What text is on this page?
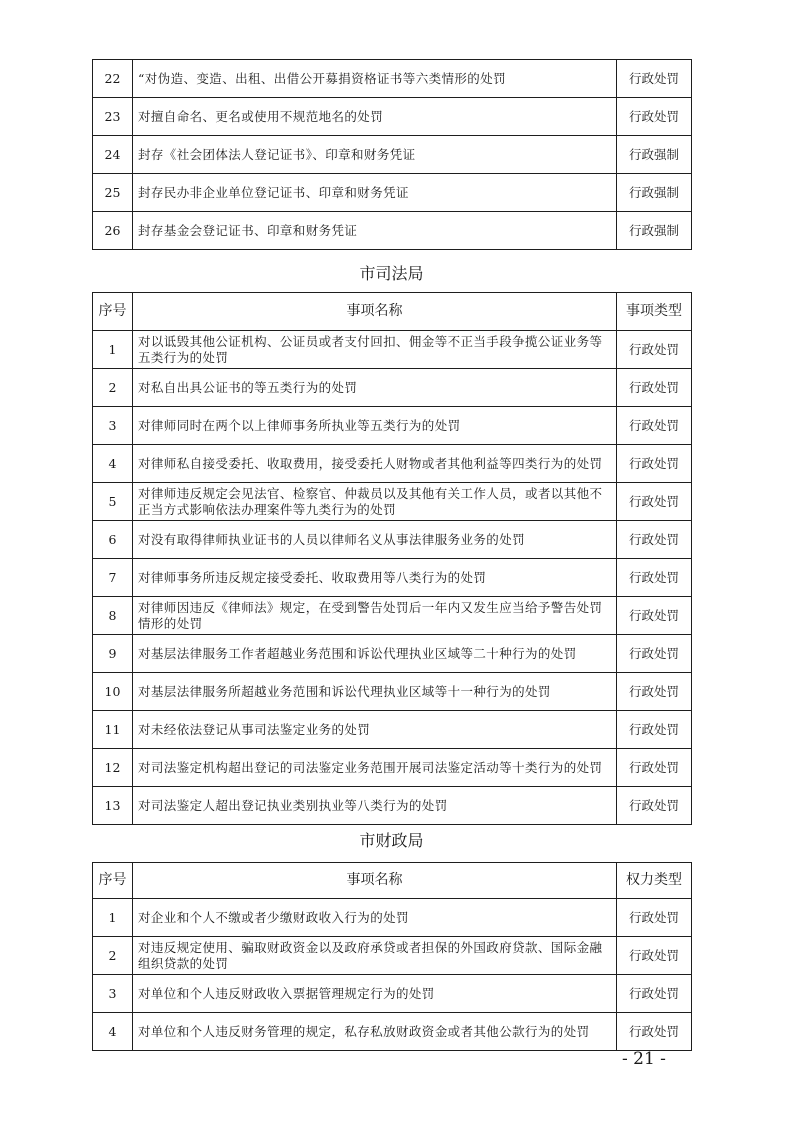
22	“对伪造、变造、出租、出借公开募捐资格证书等六类情形的处罚	行政处罚
23	对擅自命名、更名或使用不规范地名的处罚	行政处罚
24	封存《社会团体法人登记证书》、印章和财务凭证	行政强制
25	封存民办非企业单位登记证书、印章和财务凭证	行政强制
26	封存基金会登记证书、印章和财务凭证	行政强制
市司法局
序号	事项名称	事项类型
1	对以诋毁其他公证机构、公证员或者支付回扣、佣金等不正当手段争揽公证业务等五类行为的处罚	行政处罚
2	对私自出具公证书的等五类行为的处罚	行政处罚
3	对律师同时在两个以上律师事务所执业等五类行为的处罚	行政处罚
4	对律师私自接受委托、收取费用，接受委托人财物或者其他利益等四类行为的处罚	行政处罚
5	对律师违反规定会见法官、检察官、仲裁员以及其他有关工作人员，或者以其他不正当方式影响依法办理案件等九类行为的处罚	行政处罚
6	对没有取得律师执业证书的人员以律师名义从事法律服务业务的处罚	行政处罚
7	对律师事务所违反规定接受委托、收取费用等八类行为的处罚	行政处罚
8	对律师因违反《律师法》规定，在受到警告处罚后一年内又发生应当给予警告处罚情形的处罚	行政处罚
9	对基层法律服务工作者超越业务范围和诉讼代理执业区域等二十种行为的处罚	行政处罚
10	对基层法律服务所超越业务范围和诉讼代理执业区域等十一种行为的处罚	行政处罚
11	对未经依法登记从事司法鉴定业务的处罚	行政处罚
12	对司法鉴定机构超出登记的司法鉴定业务范围开展司法鉴定活动等十类行为的处罚	行政处罚
13	对司法鉴定人超出登记执业类别执业等八类行为的处罚	行政处罚
市财政局
序号	事项名称	权力类型
1	对企业和个人不缴或者少缴财政收入行为的处罚	行政处罚
2	对违反规定使用、骗取财政资金以及政府承贷或者担保的外国政府贷款、国际金融组织贷款的处罚	行政处罚
3	对单位和个人违反财政收入票据管理规定行为的处罚	行政处罚
4	对单位和个人违反财务管理的规定，私存私放财政资金或者其他公款行为的处罚	行政处罚
- 21 -
